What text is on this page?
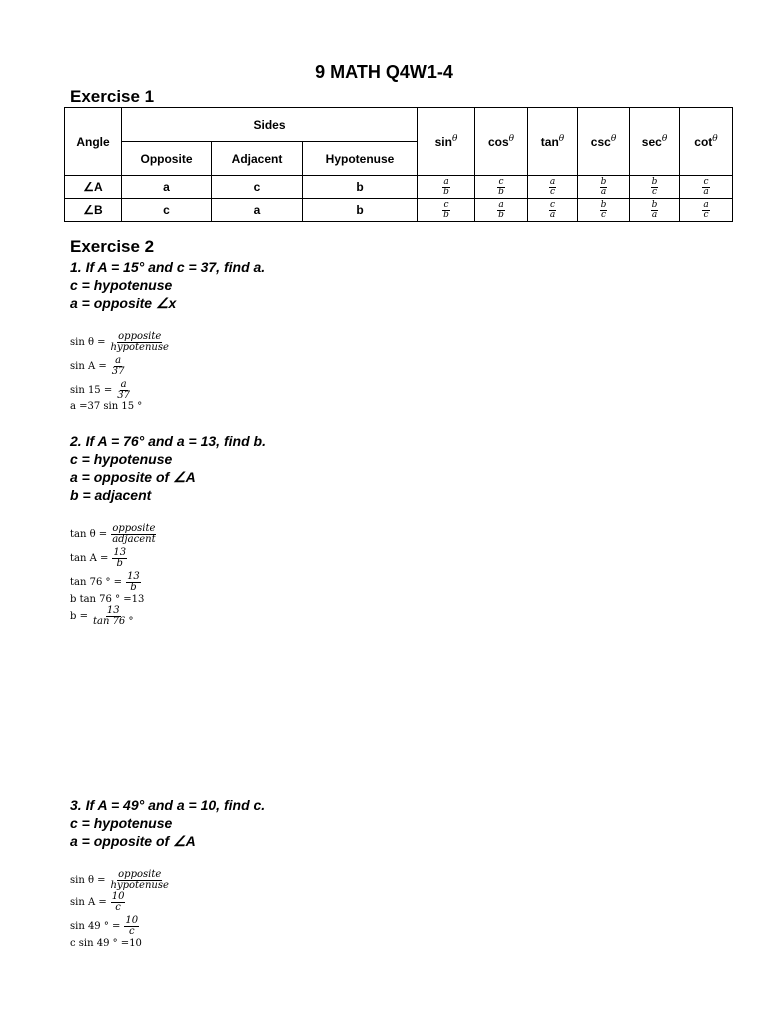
9 MATH Q4W1-4
Exercise 1
Angle	Sides			$\sin^\theta$	$\cos^\theta$	$\tan^\theta$	$\csc^\theta$	$\sec^\theta$	$\cot^\theta$
	Opposite	Adjacent	Hypotenuse						
∠A	a	c	b	$\frac{a}{b}$	$\frac{c}{b}$	$\frac{a}{c}$	$\frac{b}{a}$	$\frac{b}{c}$	$\frac{c}{a}$

∠B	c	a	b	$\frac{c}{b}$	$\frac{a}{b}$	$\frac{c}{a}$	$\frac{b}{c}$	$\frac{b}{a}$	$\frac{a}{c}$
Exercise 2
1. If A = 15° and c = 37, find a.
c = hypotenuse
a = opposite ∠x
$\sin \theta = \frac{\text{opposite}}{\text{hypotenuse}}$
$\sin A = \frac{a}{37}$
$\sin 15 = \frac{a}{37}$
a =37 sin 15 °
2. If A = 76° and a = 13, find b.
c = hypotenuse
a = opposite of ∠A
b = adjacent
$\tan \theta = \frac{\text{opposite}}{\text{adjacent}}$
$\tan A = \frac{13}{b}$
tan 76 ° = $\frac{13}{b}$
b tan 76 ° =13
$b = \frac{13}{\tan 76 ^\circ}$
3. If A = 49° and a = 10, find c.
c = hypotenuse
a = opposite of ∠A
$\sin \theta = \frac{\text{opposite}}{\text{hypotenuse}}$
$\sin A = \frac{10}{c}$
sin 49 ° = $\frac{10}{c}$
c sin 49 ° =10
